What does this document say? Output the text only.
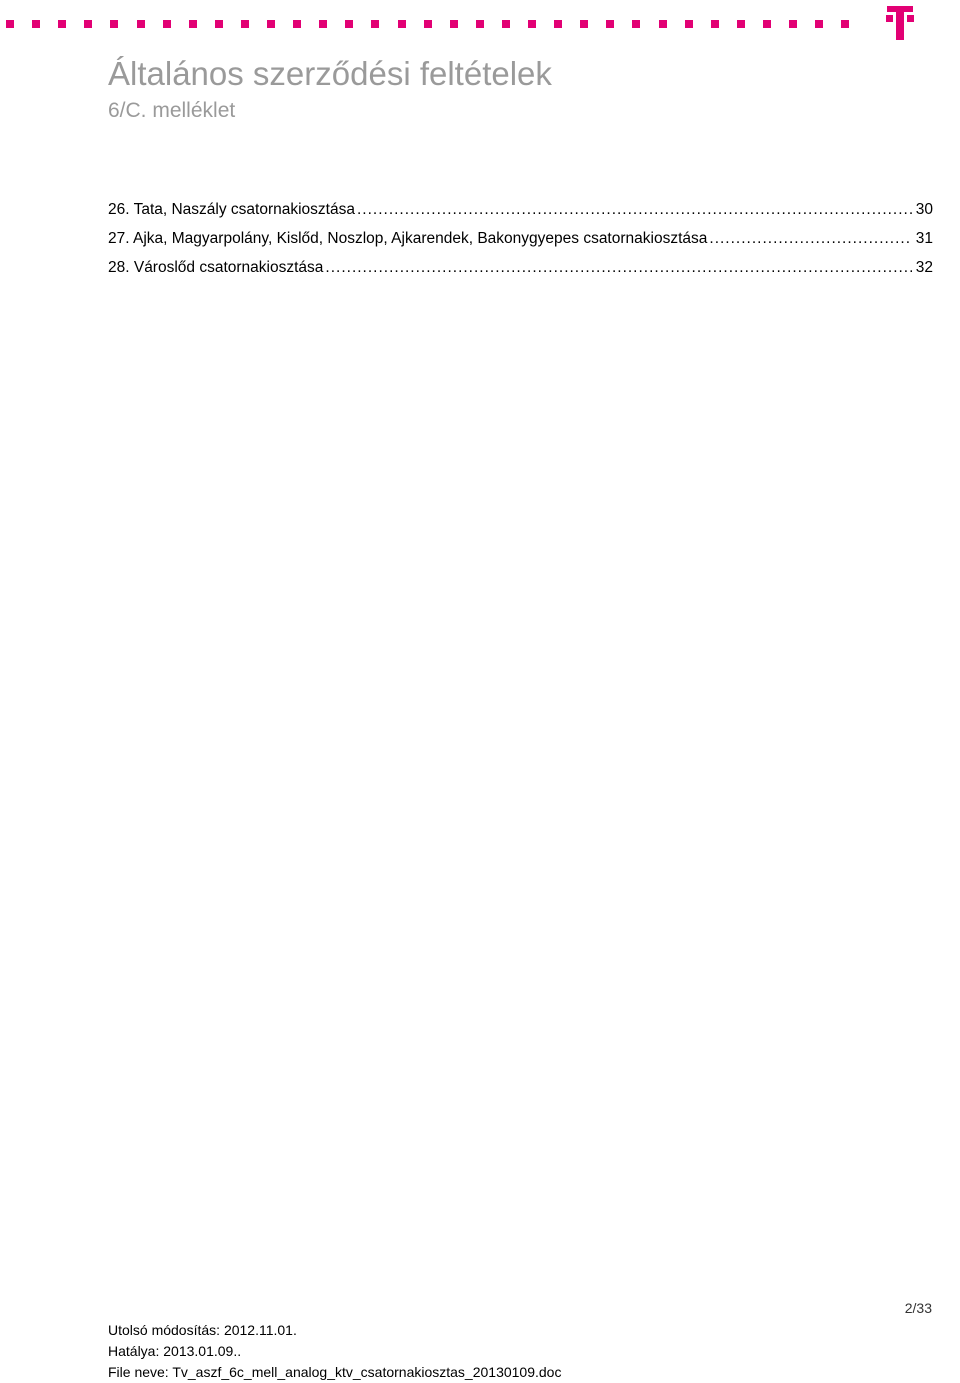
Általános szerződési feltételek
6/C. melléklet
26. Tata, Naszály csatornakiosztása .....	30
27. Ajka, Magyarpolány, Kislőd, Noszlop, Ajkarendek, Bakonygyepes csatornakiosztása .....	31
28. Városlőd csatornakiosztása .....	32
2/33
Utolsó módosítás: 2012.11.01.
Hatálya: 2013.01.09..
File neve: Tv_aszf_6c_mell_analog_ktv_csatornakiosztas_20130109.doc
